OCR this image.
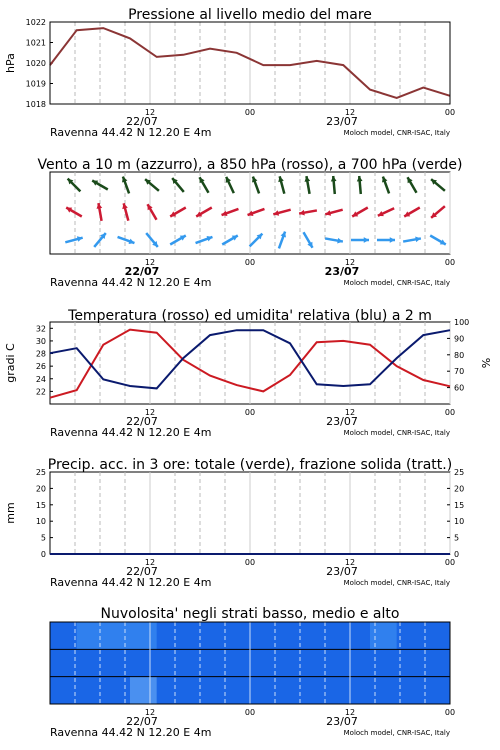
Pressione al livello medio del mare
1018
1019
1020
1021
1022
hPa
12	00	12	00
22/07	23/07
Ravenna 44.42 N 12.20 E 4m	Moloch model, CNR-ISAC, Italy
Vento a 10 m (azzurro), a 850 hPa (rosso), a 700 hPa (verde)
12	00	12	00
22/07	23/07
Ravenna 44.42 N 12.20 E 4m	Moloch model, CNR-ISAC, Italy
Temperatura (rosso) ed umidita' relativa (blu) a 2 m
22
24
26
28
30
32
60
70
80
90
100
gradi C	%
12	00	12	00
22/07	23/07
Ravenna 44.42 N 12.20 E 4m	Moloch model, CNR-ISAC, Italy
Precip. acc. in 3 ore: totale (verde), frazione solida (tratt.)
0
5
10
15
20
25
0
5
10
15
20
25
mm
12	00	12	00
22/07	23/07
Ravenna 44.42 N 12.20 E 4m	Moloch model, CNR-ISAC, Italy
Nuvolosita' negli strati basso, medio e alto
12	00	12	00
22/07	23/07
Ravenna 44.42 N 12.20 E 4m	Moloch model, CNR-ISAC, Italy
